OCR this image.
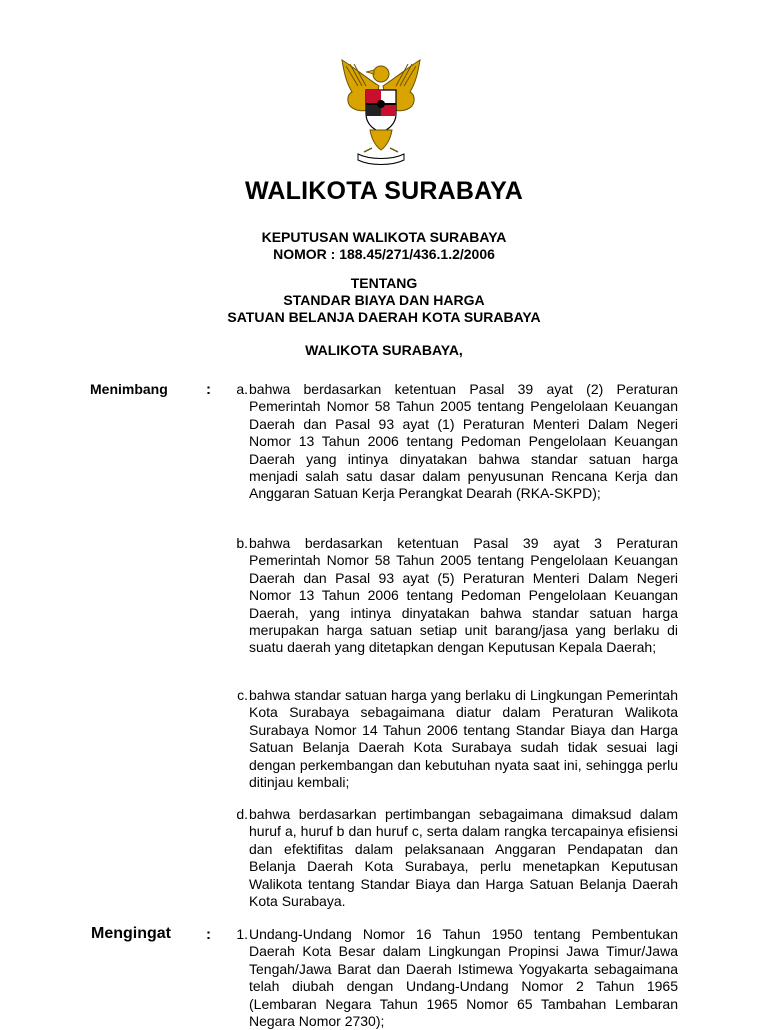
WALIKOTA SURABAYA
KEPUTUSAN WALIKOTA SURABAYA
NOMOR : 188.45/271/436.1.2/2006
TENTANG
STANDAR BIAYA DAN HARGA
SATUAN BELANJA DAERAH KOTA SURABAYA
WALIKOTA SURABAYA,
Menimbang	:	a. bahwa berdasarkan ketentuan Pasal 39 ayat (2) Peraturan Pemerintah Nomor 58 Tahun 2005 tentang Pengelolaan Keuangan Daerah dan Pasal 93 ayat (1) Peraturan Menteri Dalam Negeri Nomor 13 Tahun 2006 tentang Pedoman Pengelolaan Keuangan Daerah yang intinya dinyatakan bahwa standar satuan harga menjadi salah satu dasar dalam penyusunan Rencana Kerja dan Anggaran Satuan Kerja Perangkat Dearah (RKA-SKPD);
b. bahwa berdasarkan ketentuan Pasal 39 ayat 3 Peraturan Pemerintah Nomor 58 Tahun 2005 tentang Pengelolaan Keuangan Daerah dan Pasal 93 ayat (5) Peraturan Menteri Dalam Negeri Nomor 13 Tahun 2006 tentang Pedoman Pengelolaan Keuangan Daerah, yang intinya dinyatakan bahwa standar satuan harga merupakan harga satuan setiap unit barang/jasa yang berlaku di suatu daerah yang ditetapkan dengan Keputusan Kepala Daerah;
c. bahwa standar satuan harga yang berlaku di Lingkungan Pemerintah Kota Surabaya sebagaimana diatur dalam Peraturan Walikota Surabaya Nomor 14 Tahun 2006 tentang Standar Biaya dan Harga Satuan Belanja Daerah Kota Surabaya sudah tidak sesuai lagi dengan perkembangan dan kebutuhan nyata saat ini, sehingga perlu ditinjau kembali;
d. bahwa berdasarkan pertimbangan sebagaimana dimaksud dalam huruf a, huruf b dan huruf c, serta dalam rangka tercapainya efisiensi dan efektifitas dalam pelaksanaan Anggaran Pendapatan dan Belanja Daerah Kota Surabaya, perlu menetapkan Keputusan Walikota tentang Standar Biaya dan Harga Satuan Belanja Daerah Kota Surabaya.
Mengingat :	1. Undang-Undang Nomor 16 Tahun 1950 tentang Pembentukan Daerah Kota Besar dalam Lingkungan Propinsi Jawa Timur/Jawa Tengah/Jawa Barat dan Daerah Istimewa Yogyakarta sebagaimana telah diubah dengan Undang-Undang Nomor 2 Tahun 1965 (Lembaran Negara Tahun 1965 Nomor 65 Tambahan Lembaran Negara Nomor 2730);
